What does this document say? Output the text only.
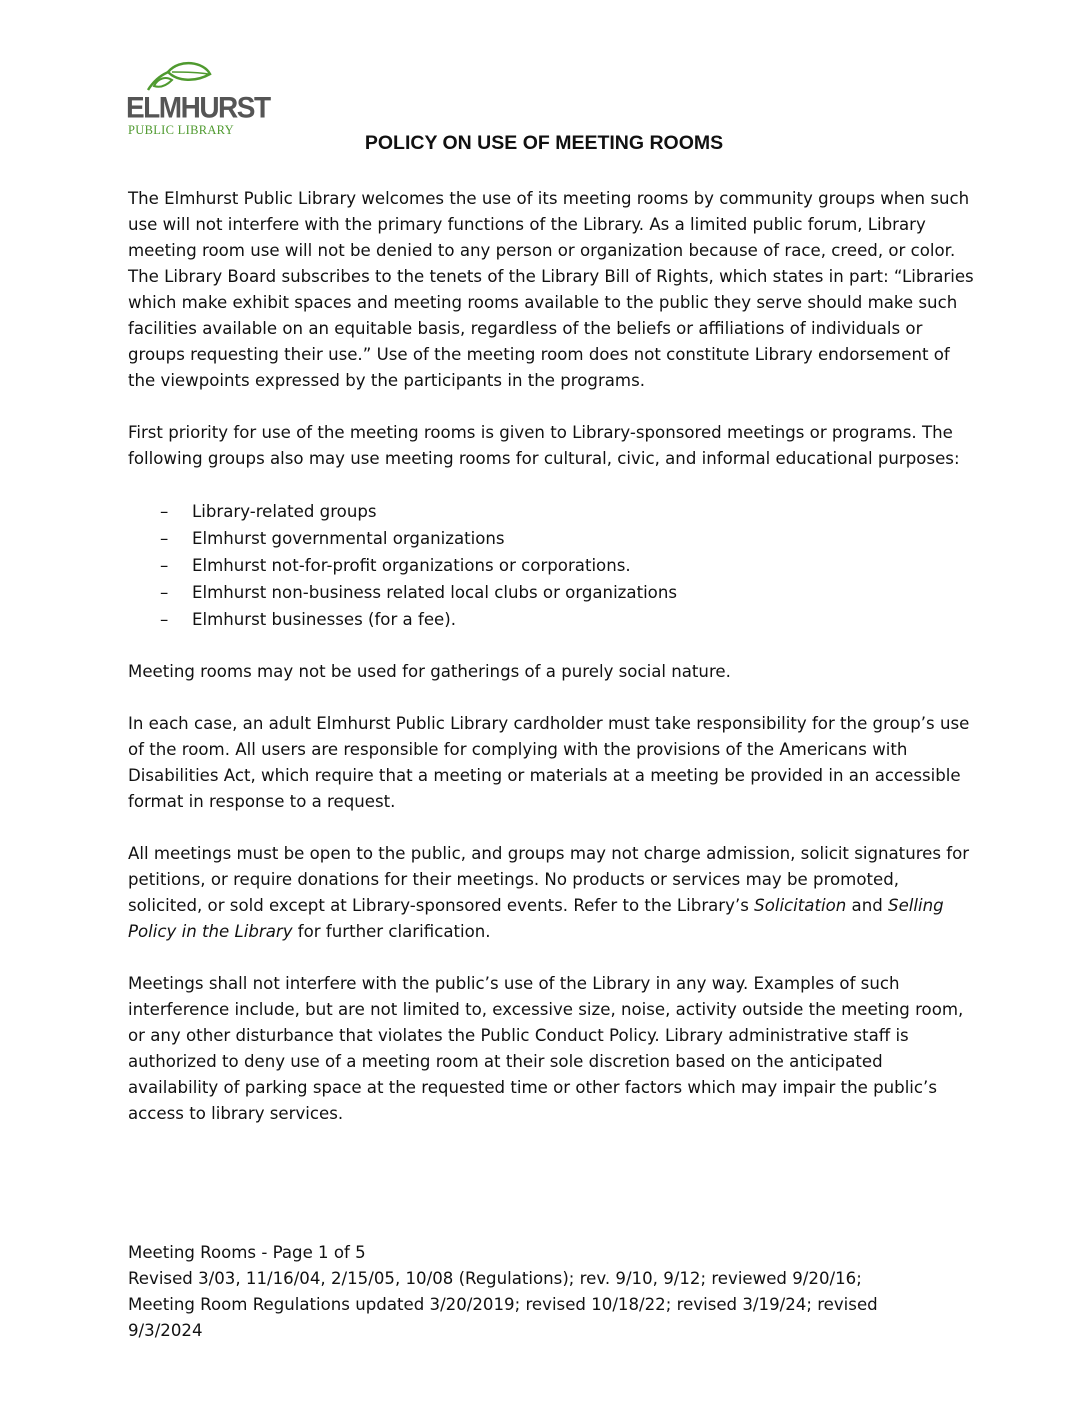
ELMHURST
PUBLIC LIBRARY
POLICY ON USE OF MEETING ROOMS

The Elmhurst Public Library welcomes the use of its meeting rooms by community groups when such use will not interfere with the primary functions of the Library. As a limited public forum, Library meeting room use will not be denied to any person or organization because of race, creed, or color. The Library Board subscribes to the tenets of the Library Bill of Rights, which states in part: “Libraries which make exhibit spaces and meeting rooms available to the public they serve should make such facilities available on an equitable basis, regardless of the beliefs or affiliations of individuals or groups requesting their use.” Use of the meeting room does not constitute Library endorsement of the viewpoints expressed by the participants in the programs.

First priority for use of the meeting rooms is given to Library-sponsored meetings or programs. The following groups also may use meeting rooms for cultural, civic, and informal educational purposes:

– Library-related groups
– Elmhurst governmental organizations
– Elmhurst not-for-profit organizations or corporations.
– Elmhurst non-business related local clubs or organizations
– Elmhurst businesses (for a fee).

Meeting rooms may not be used for gatherings of a purely social nature.

In each case, an adult Elmhurst Public Library cardholder must take responsibility for the group’s use of the room. All users are responsible for complying with the provisions of the Americans with Disabilities Act, which require that a meeting or materials at a meeting be provided in an accessible format in response to a request.

All meetings must be open to the public, and groups may not charge admission, solicit signatures for petitions, or require donations for their meetings. No products or services may be promoted, solicited, or sold except at Library-sponsored events. Refer to the Library’s Solicitation and Selling Policy in the Library for further clarification.

Meetings shall not interfere with the public’s use of the Library in any way. Examples of such interference include, but are not limited to, excessive size, noise, activity outside the meeting room, or any other disturbance that violates the Public Conduct Policy. Library administrative staff is authorized to deny use of a meeting room at their sole discretion based on the anticipated availability of parking space at the requested time or other factors which may impair the public’s access to library services.

Meeting Rooms - Page 1 of 5
Revised 3/03, 11/16/04, 2/15/05, 10/08 (Regulations); rev. 9/10, 9/12; reviewed 9/20/16;
Meeting Room Regulations updated 3/20/2019; revised 10/18/22; revised 3/19/24; revised
9/3/2024
